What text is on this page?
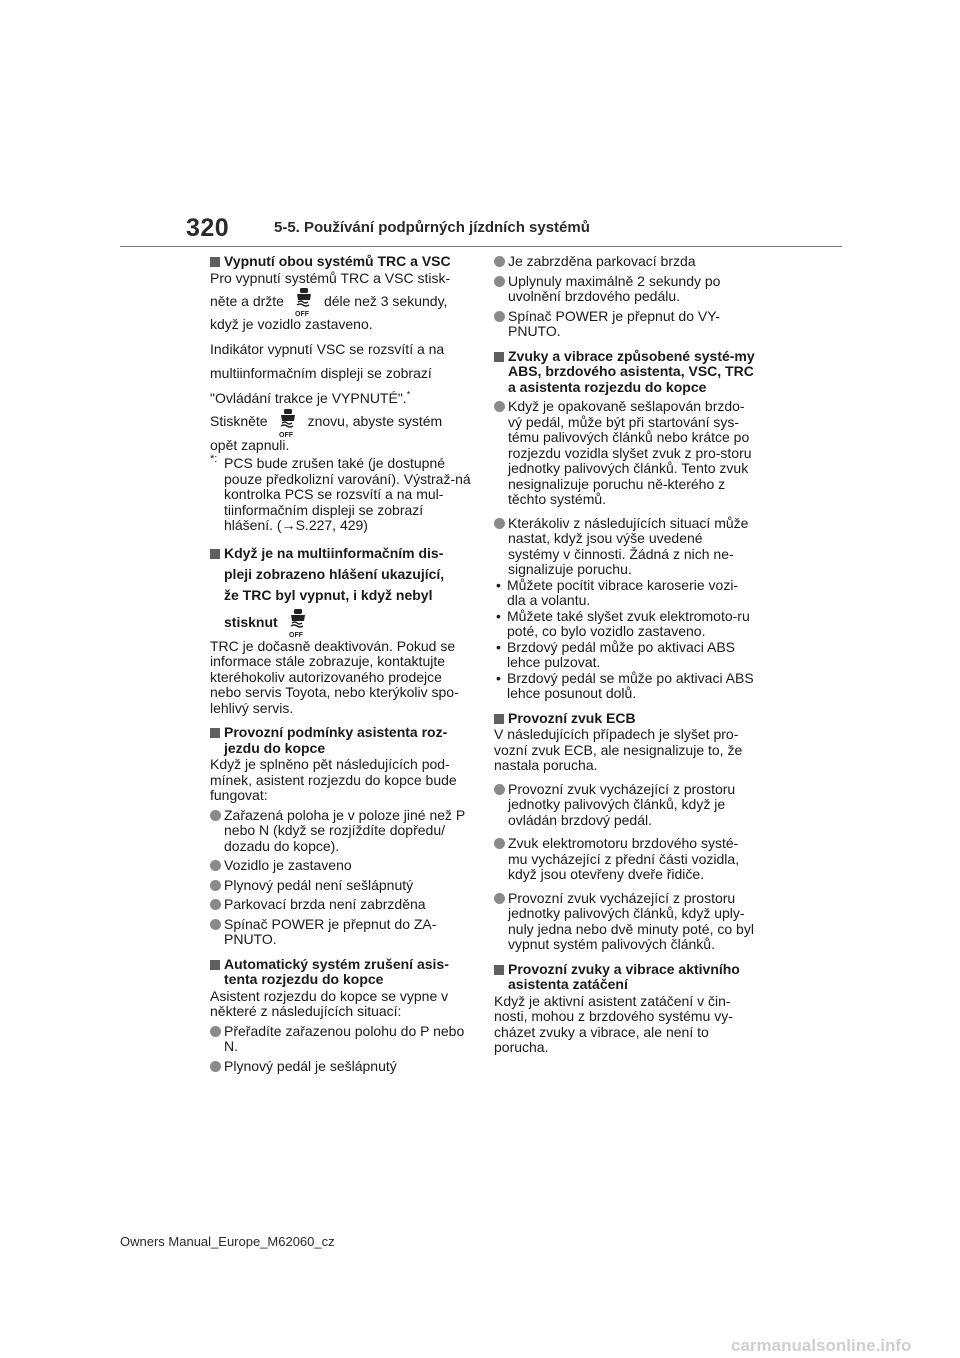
320	5-5. Používání podpůrných jízdních systémů
Vypnutí obou systémů TRC a VSC

Pro vypnutí systémů TRC a VSC stisk-

něte a držte
OFF
déle než 3 sekundy,

když je vozidlo zastaveno.

Indikátor vypnutí VSC se rozsvítí a na

multiinformačním displeji se zobrazí

"Ovládání trakce je VYPNUTÉ".*

Stiskněte
OFF
znovu, abyste systém

opět zapnuli.

*: PCS bude zrušen také (je dostupné pouze předkolizní varování). Výstraž-ná kontrolka PCS se rozsvítí a na mul-tiinformačním displeji se zobrazí hlášení. (→S.227, 429)
Když je na multiinformačním dis-
pleji zobrazeno hlášení ukazující,
že TRC byl vypnut, i když nebyl
stisknut
OFF

TRC je dočasně deaktivován. Pokud se informace stále zobrazuje, kontaktujte kteréhokoliv autorizovaného prodejce nebo servis Toyota, nebo kterýkoliv spo-lehlivý servis.

Provozní podmínky asistenta roz-jezdu do kopce

Když je splněno pět následujících pod-mínek, asistent rozjezdu do kopce bude fungovat:

Zařazená poloha je v poloze jiné než P nebo N (když se rozjíždíte dopředu/ dozadu do kopce).
Vozidlo je zastaveno
Plynový pedál není sešlápnutý
Parkovací brzda není zabrzděna
Spínač POWER je přepnut do ZA-PNUTO.
Automatický systém zrušení asis-tenta rozjezdu do kopce

Asistent rozjezdu do kopce se vypne v některé z následujících situací:

Přeřadíte zařazenou polohu do P nebo N.
Plynový pedál je sešlápnutý
Je zabrzděna parkovací brzda
Uplynuly maximálně 2 sekundy po uvolnění brzdového pedálu.
Spínač POWER je přepnut do VY-PNUTO.
Zvuky a vibrace způsobené systé-my ABS, brzdového asistenta, VSC, TRC a asistenta rozjezdu do kopce
Když je opakovaně sešlapován brzdo-vý pedál, může být při startování sys-tému palivových článků nebo krátce po rozjezdu vozidla slyšet zvuk z pro-storu jednotky palivových článků. Tento zvuk nesignalizuje poruchu ně-kterého z těchto systémů.
Kterákoliv z následujících situací může nastat, když jsou výše uvedené systémy v činnosti. Žádná z nich ne-signalizuje poruchu.
• Můžete pocítit vibrace karoserie vozi-dla a volantu.
• Můžete také slyšet zvuk elektromoto-ru poté, co bylo vozidlo zastaveno.
• Brzdový pedál může po aktivaci ABS lehce pulzovat.
• Brzdový pedál se může po aktivaci ABS lehce posunout dolů.
Provozní zvuk ECB

V následujících případech je slyšet pro-vozní zvuk ECB, ale nesignalizuje to, že nastala porucha.

Provozní zvuk vycházející z prostoru jednotky palivových článků, když je ovládán brzdový pedál.
Zvuk elektromotoru brzdového systé-mu vycházející z přední části vozidla, když jsou otevřeny dveře řidiče.
Provozní zvuk vycházející z prostoru jednotky palivových článků, když uply-nuly jedna nebo dvě minuty poté, co byl vypnut systém palivových článků.
Provozní zvuky a vibrace aktivního asistenta zatáčení

Když je aktivní asistent zatáčení v čin-nosti, mohou z brzdového systému vy-cházet zvuky a vibrace, ale není to porucha.

Owners Manual_Europe_M62060_cz
carmanualsonline.info
